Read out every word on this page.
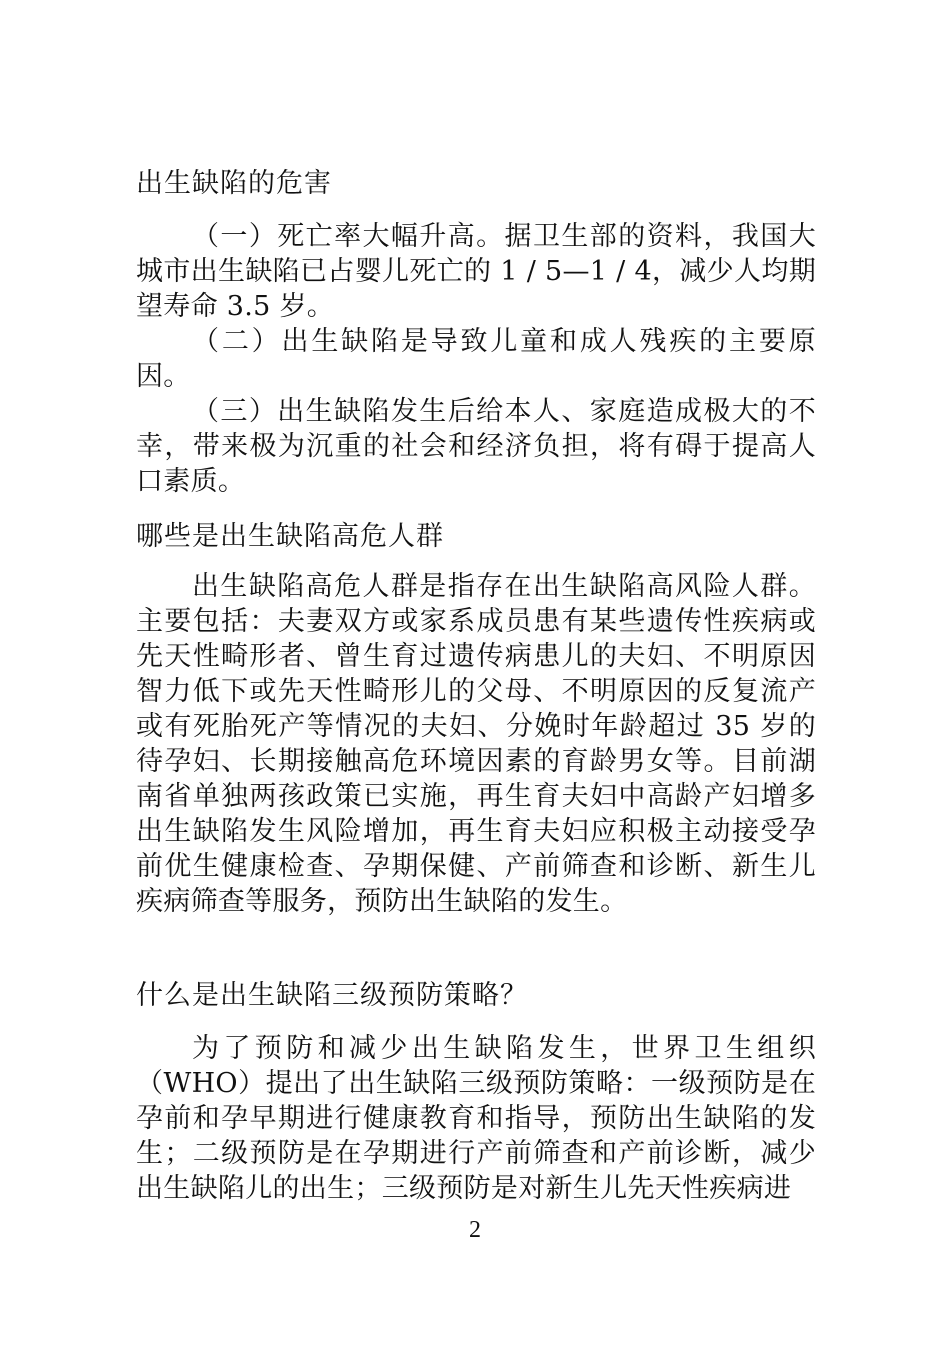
出生缺陷的危害

（一）死亡率大幅升高。据卫生部的资料，我国大城市出生缺陷已占婴儿死亡的 1 / 5—1 / 4，减少人均期望寿命 3.5 岁。

（二）出生缺陷是导致儿童和成人残疾的主要原因。

（三）出生缺陷发生后给本人、家庭造成极大的不幸，带来极为沉重的社会和经济负担，将有碍于提高人口素质。

哪些是出生缺陷高危人群

出生缺陷高危人群是指存在出生缺陷高风险人群。主要包括：夫妻双方或家系成员患有某些遗传性疾病或先天性畸形者、曾生育过遗传病患儿的夫妇、不明原因智力低下或先天性畸形儿的父母、不明原因的反复流产或有死胎死产等情况的夫妇、分娩时年龄超过 35 岁的待孕妇、长期接触高危环境因素的育龄男女等。目前湖南省单独两孩政策已实施，再生育夫妇中高龄产妇增多出生缺陷发生风险增加，再生育夫妇应积极主动接受孕前优生健康检查、孕期保健、产前筛查和诊断、新生儿疾病筛查等服务，预防出生缺陷的发生。

什么是出生缺陷三级预防策略？

为了预防和减少出生缺陷发生，世界卫生组织（WHO）提出了出生缺陷三级预防策略：一级预防是在孕前和孕早期进行健康教育和指导，预防出生缺陷的发生；二级预防是在孕期进行产前筛查和产前诊断，减少出生缺陷儿的出生；三级预防是对新生儿先天性疾病进

2
